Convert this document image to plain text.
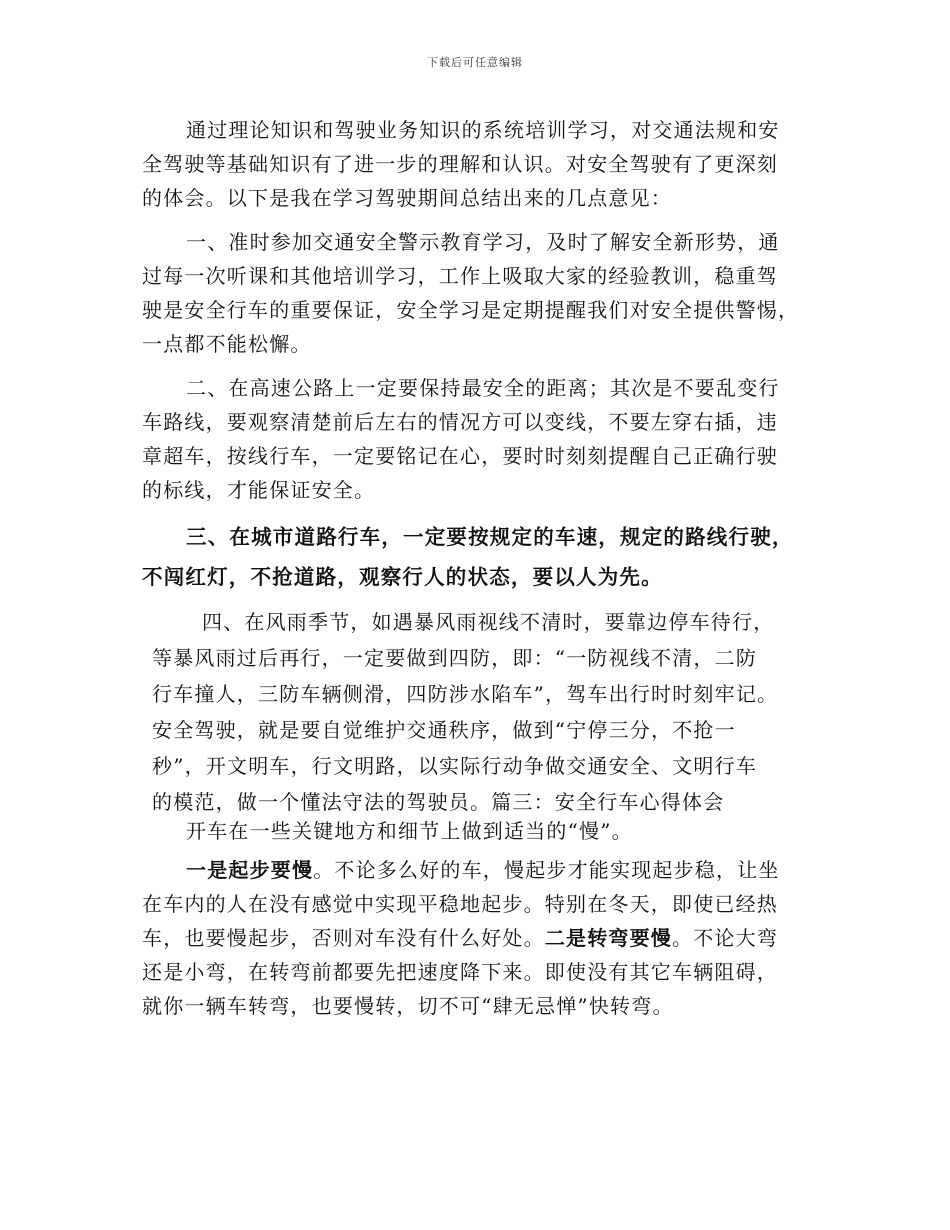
下载后可任意编辑
通过理论知识和驾驶业务知识的系统培训学习，对交通法规和安
全驾驶等基础知识有了进一步的理解和认识。对安全驾驶有了更深刻
的体会。以下是我在学习驾驶期间总结出来的几点意见：
一、准时参加交通安全警示教育学习，及时了解安全新形势，通
过每一次听课和其他培训学习，工作上吸取大家的经验教训，稳重驾
驶是安全行车的重要保证，安全学习是定期提醒我们对安全提供警惕，
一点都不能松懈。
二、在高速公路上一定要保持最安全的距离；其次是不要乱变行
车路线，要观察清楚前后左右的情况方可以变线，不要左穿右插，违
章超车，按线行车，一定要铭记在心，要时时刻刻提醒自己正确行驶
的标线，才能保证安全。
三、在城市道路行车，一定要按规定的车速，规定的路线行驶，
不闯红灯，不抢道路，观察行人的状态，要以人为先。
四、在风雨季节，如遇暴风雨视线不清时，要靠边停车待行，
等暴风雨过后再行，一定要做到四防，即：“一防视线不清，二防
行车撞人，三防车辆侧滑，四防涉水陷车”，驾车出行时时刻牢记。
安全驾驶，就是要自觉维护交通秩序，做到“宁停三分，不抢一
秒”，开文明车，行文明路，以实际行动争做交通安全、文明行车
的模范，做一个懂法守法的驾驶员。篇三：安全行车心得体会
开车在一些关键地方和细节上做到适当的“慢”。
一是起步要慢。不论多么好的车，慢起步才能实现起步稳，让坐
在车内的人在没有感觉中实现平稳地起步。特别在冬天，即使已经热
车，也要慢起步，否则对车没有什么好处。二是转弯要慢。不论大弯
还是小弯，在转弯前都要先把速度降下来。即使没有其它车辆阻碍，
就你一辆车转弯，也要慢转，切不可“肆无忌惮”快转弯。
